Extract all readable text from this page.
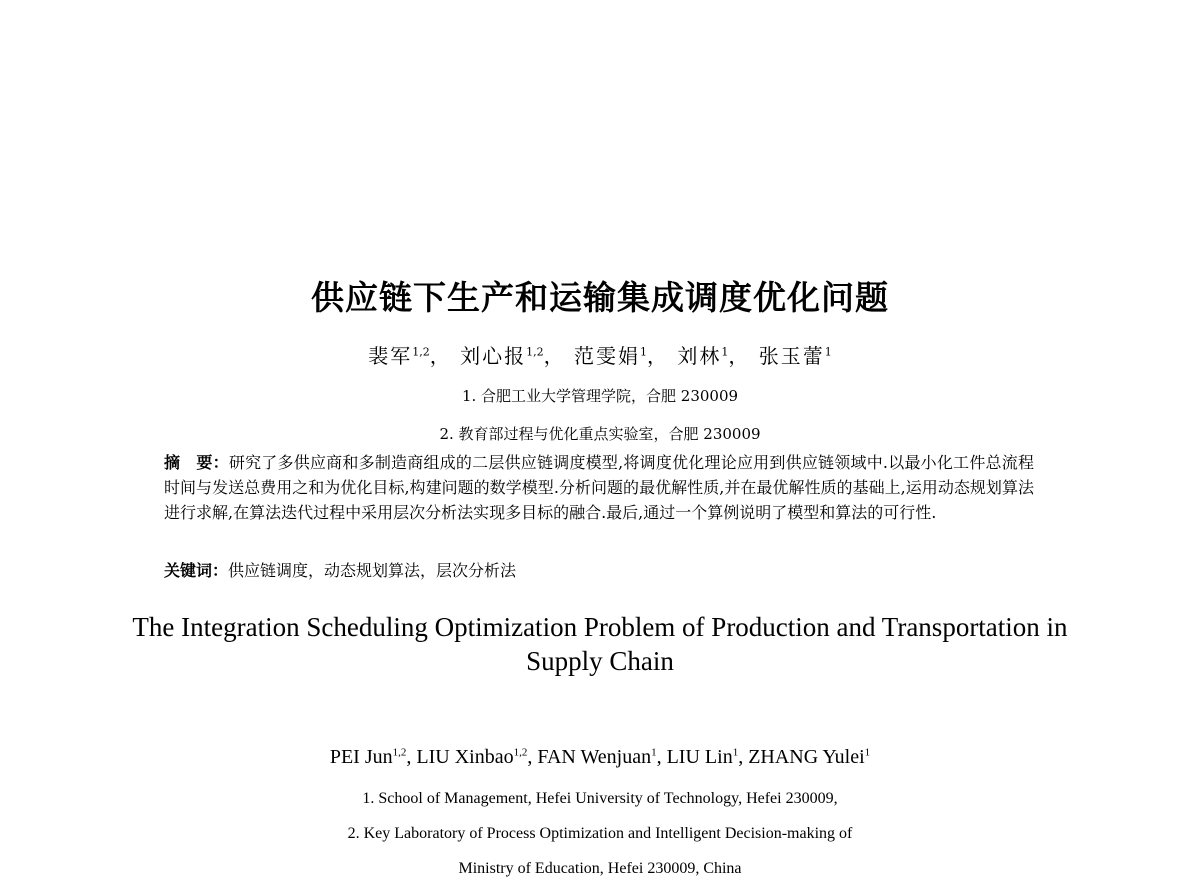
供应链下生产和运输集成调度优化问题
裴军$^{1,2}$， 刘心报$^{1,2}$， 范雯娟$^1$， 刘林$^1$， 张玉蕾$^1$
1. 合肥工业大学管理学院，合肥 230009
2. 教育部过程与优化重点实验室，合肥 230009
摘　要：研究了多供应商和多制造商组成的二层供应链调度模型,将调度优化理论应用到供应链领域中.以最小化工件总流程时间与发送总费用之和为优化目标,构建问题的数学模型.分析问题的最优解性质,并在最优解性质的基础上,运用动态规划算法进行求解,在算法迭代过程中采用层次分析法实现多目标的融合.最后,通过一个算例说明了模型和算法的可行性.
关键词：供应链调度，动态规划算法，层次分析法
The Integration Scheduling Optimization Problem of Production and Transportation in Supply Chain
PEI Jun$^{1,2}$, LIU Xinbao$^{1,2}$, FAN Wenjuan$^1$, LIU Lin$^1$, ZHANG Yulei$^1$
1. School of Management, Hefei University of Technology, Hefei 230009,
2. Key Laboratory of Process Optimization and Intelligent Decision-making of
Ministry of Education, Hefei 230009, China
